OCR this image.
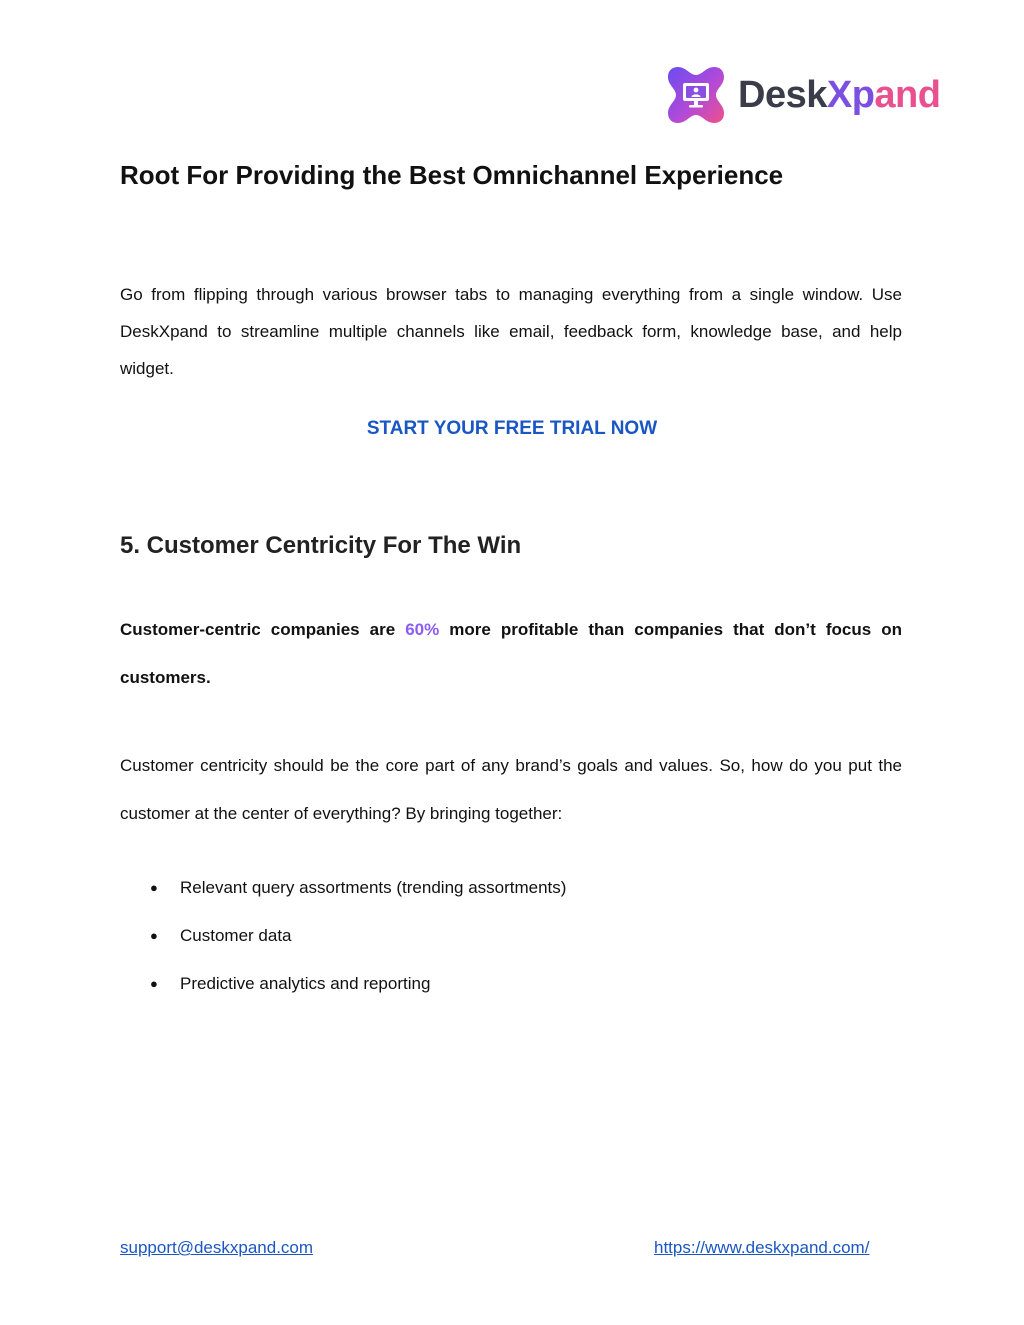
DeskXpand
Root For Providing the Best Omnichannel Experience

Go from flipping through various browser tabs to managing everything from a single window. Use DeskXpand to streamline multiple channels like email, feedback form, knowledge base, and help widget.

START YOUR FREE TRIAL NOW
5. Customer Centricity For The Win

Customer-centric companies are 60% more profitable than companies that don’t focus on customers.

Customer centricity should be the core part of any brand’s goals and values. So, how do you put the customer at the center of everything? By bringing together:

●	Relevant query assortments (trending assortments)
●	Customer data
●	Predictive analytics and reporting
support@deskxpand.com	https://www.deskxpand.com/
